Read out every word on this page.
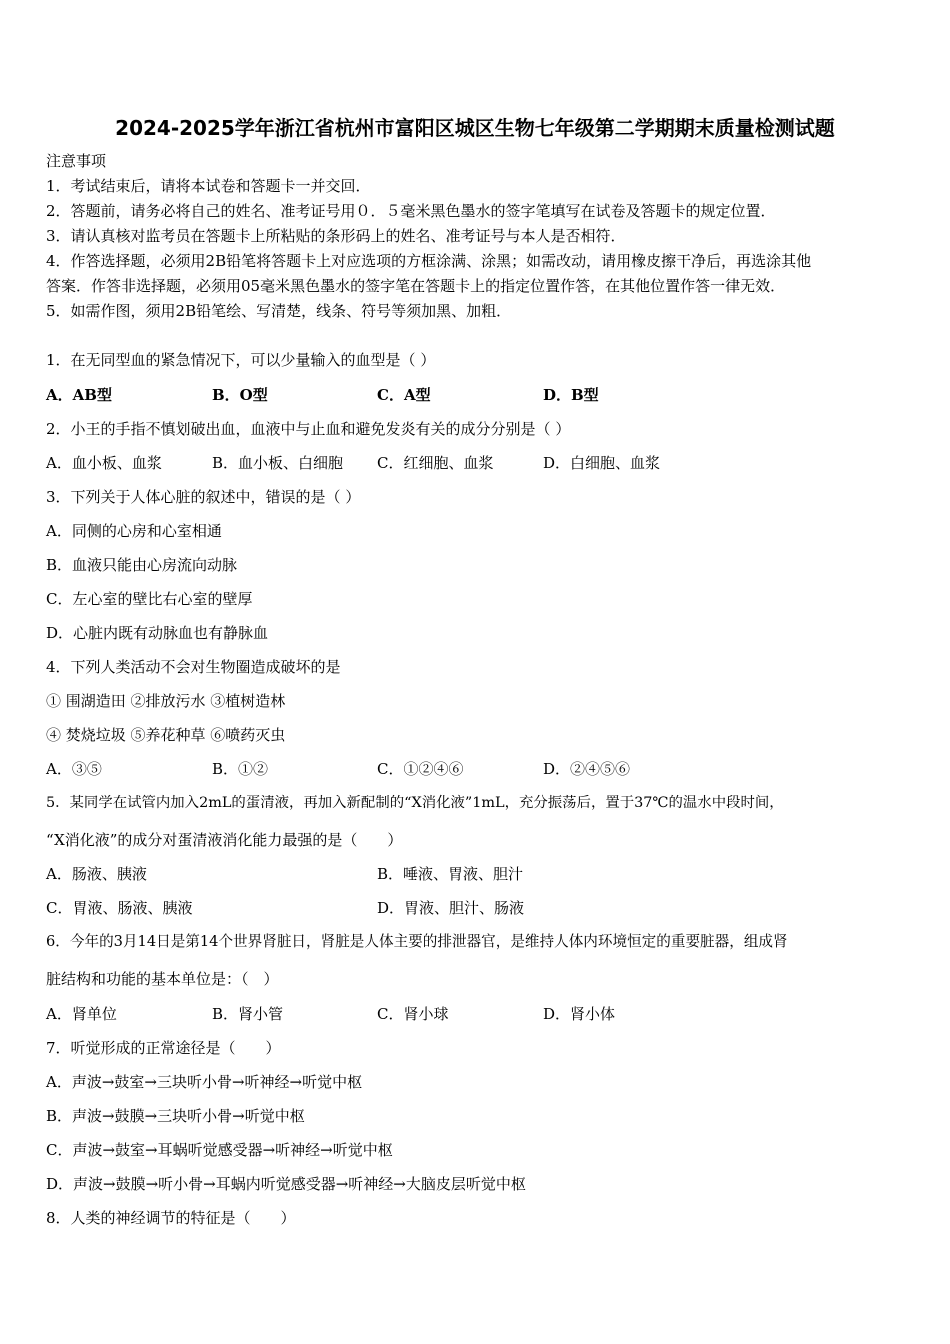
2024-2025学年浙江省杭州市富阳区城区生物七年级第二学期期末质量检测试题
注意事项
1．考试结束后，请将本试卷和答题卡一并交回．
2．答题前，请务必将自己的姓名、准考证号用０．５毫米黑色墨水的签字笔填写在试卷及答题卡的规定位置．
3．请认真核对监考员在答题卡上所粘贴的条形码上的姓名、准考证号与本人是否相符．
4．作答选择题，必须用2B铅笔将答题卡上对应选项的方框涂满、涂黑；如需改动，请用橡皮擦干净后，再选涂其他
答案．作答非选择题，必须用05毫米黑色墨水的签字笔在答题卡上的指定位置作答，在其他位置作答一律无效．
5．如需作图，须用2B铅笔绘、写清楚，线条、符号等须加黑、加粗．
1．在无同型血的紧急情况下，可以少量输入的血型是（ ）
A．AB型	B．O型	C．A型	D．B型
2．小王的手指不慎划破出血，血液中与止血和避免发炎有关的成分分别是（ ）
A．血小板、血浆	B．血小板、白细胞 C．红细胞、血浆	D．白细胞、血浆
3．下列关于人体心脏的叙述中，错误的是（ ）
A．同侧的心房和心室相通
B．血液只能由心房流向动脉
C．左心室的壁比右心室的壁厚
D．心脏内既有动脉血也有静脉血
4．下列人类活动不会对生物圈造成破坏的是
① 围湖造田 ②排放污水 ③植树造林
④ 焚烧垃圾 ⑤养花种草 ⑥喷药灭虫
A．③⑤	B．①②	C．①②④⑥	D．②④⑤⑥
5．某同学在试管内加入2mL的蛋清液，再加入新配制的“X消化液”1mL，充分振荡后，置于37℃的温水中段时间，
“X消化液”的成分对蛋清液消化能力最强的是（　　）
A．肠液、胰液	B．唾液、胃液、胆汁
C．胃液、肠液、胰液	D．胃液、胆汁、肠液
6．今年的3月14日是第14个世界肾脏日，肾脏是人体主要的排泄器官，是维持人体内环境恒定的重要脏器，组成肾
脏结构和功能的基本单位是：（　）
A．肾单位	B．肾小管	C．肾小球	D．肾小体
7．听觉形成的正常途径是（　　）
A．声波→鼓室→三块听小骨→听神经→听觉中枢
B．声波→鼓膜→三块听小骨→听觉中枢
C．声波→鼓室→耳蜗听觉感受器→听神经→听觉中枢
D．声波→鼓膜→听小骨→耳蜗内听觉感受器→听神经→大脑皮层听觉中枢
8．人类的神经调节的特征是（　　）
